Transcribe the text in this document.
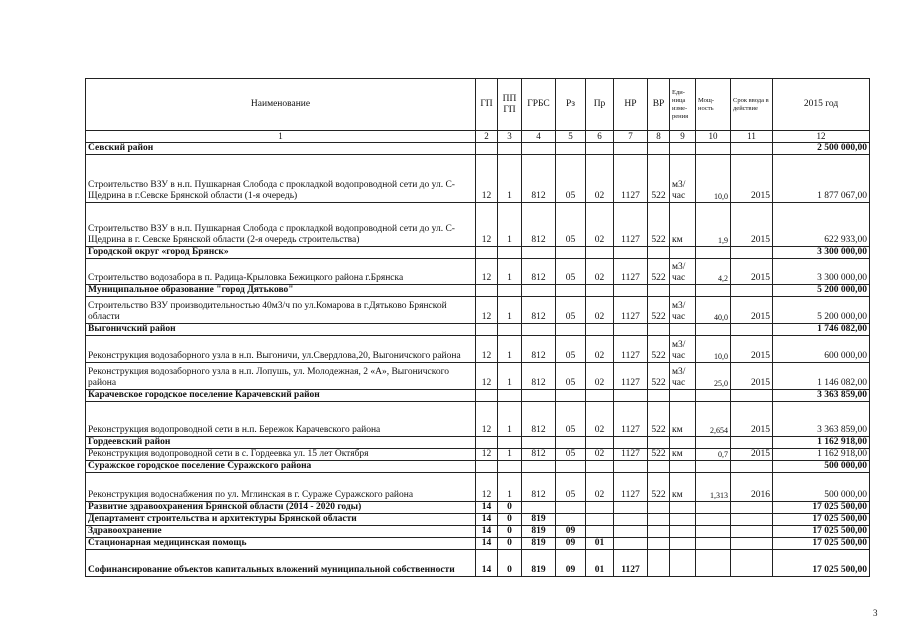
Наименование	ГП	ПП ГП	ГРБС	Рз	Пр	НР	ВР	Еди-ница изме-рения	Мощ-ность	Срок ввода в действие	2015 год
1	2	3	4	5	6	7	8	9	10	11	12
Севский район											2 500 000,00
Строительство ВЗУ в н.п. Пушкарная Слобода с прокладкой водопроводной сети до ул. С-Щедрина в г.Севске Брянской области (1-я очередь)	12	1	812	05	02	1127	522	м3/ час	10,0	2015	1 877 067,00
Строительство ВЗУ в н.п. Пушкарная Слобода с прокладкой водопроводной сети до ул. С-Щедрина в г. Севске Брянской области (2-я очередь строительства)	12	1	812	05	02	1127	522	км	1,9	2015	622 933,00
Городской округ «город Брянск»											3 300 000,00
Строительство водозабора в п. Радица-Крыловка Бежицкого района г.Брянска	12	1	812	05	02	1127	522	м3/ час	4,2	2015	3 300 000,00
Муниципальное образование "город Дятьково"											5 200 000,00
Строительство ВЗУ производительностью 40м3/ч по ул.Комарова в г.Дятьково Брянской области	12	1	812	05	02	1127	522	м3/ час	40,0	2015	5 200 000,00
Выгоничский район											1 746 082,00
Реконструкция водозаборного узла в н.п. Выгоничи, ул.Свердлова,20, Выгоничского района	12	1	812	05	02	1127	522	м3/ час	10,0	2015	600 000,00
Реконструкция водозаборного узла в н.п. Лопушь, ул. Молодежная, 2 «А», Выгоничского района	12	1	812	05	02	1127	522	м3/ час	25,0	2015	1 146 082,00
Карачевское городское поселение Карачевский район											3 363 859,00
Реконструкция водопроводной сети в н.п. Бережок Карачевского района	12	1	812	05	02	1127	522	км	2,654	2015	3 363 859,00
Гордеевский район											1 162 918,00
Реконструкция водопроводной сети в с. Гордеевка ул. 15 лет Октября	12	1	812	05	02	1127	522	км	0,7	2015	1 162 918,00
Суражское городское поселение Суражского района											500 000,00
Реконструкция водоснабжения по ул. Мглинская в г. Сураже Суражского района	12	1	812	05	02	1127	522	км	1,313	2016	500 000,00
Развитие здравоохранения Брянской области (2014 - 2020 годы)	14	0									17 025 500,00
Департамент строительства и архитектуры Брянской области	14	0	819								17 025 500,00
Здравоохранение	14	0	819	09							17 025 500,00
Стационарная медицинская помощь	14	0	819	09	01						17 025 500,00
Софинансирование объектов капитальных вложений муниципальной собственности	14	0	819	09	01	1127					17 025 500,00
3
